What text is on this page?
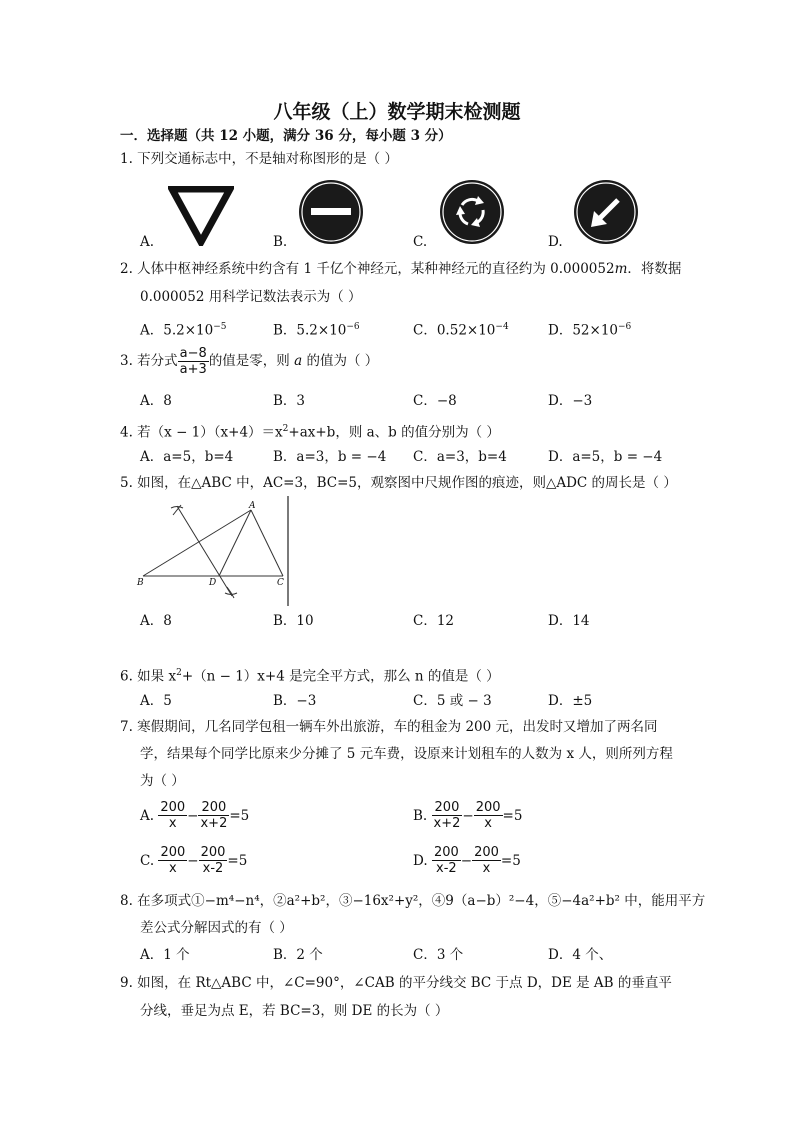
八年级（上）数学期末检测题
一．选择题（共 12 小题，满分 36 分，每小题 3 分）
1. 下列交通标志中，不是轴对称图形的是（ ）
A.	B.	C.	D.
2. 人体中枢神经系统中约含有 1 千亿个神经元，某种神经元的直径约为 0.000052m．将数据
0.000052 用科学记数法表示为（ ）
A．$5.2\times 10^{-5}$	B．$5.2\times 10^{-6}$	C．$0.52\times 10^{-4}$	D．$52\times 10^{-6}$
3. 若分式 $\frac{a-8}{a+3}$ 的值是零，则 a 的值为（ ）
A．8	B．3	C．−8	D．−3
4. 若$(x - 1)(x+4)=x^2+ax+b$，则 a、b 的值分别为（ ）
A．a=5，b=4	B．a=3，b = −4 C．a=3，b=4	D．a=5，b = −4
5. 如图，在△ABC 中，AC=3，BC=5，观察图中尺规作图的痕迹，则△ADC 的周长是（ ）
A
B	C
D
A．8	B．10	C．12	D．14
6. 如果 $x^2+(n - 1)x+4$ 是完全平方式，那么 n 的值是（ ）
A．5	B．−3	C．5 或 − 3	D．±5
7. 寒假期间，几名同学包租一辆车外出旅游，车的租金为 200 元，出发时又增加了两名同
学，结果每个同学比原来少分摊了 5 元车费，设原来计划租车的人数为 x 人，则所列方程
为（ ）
A. $\frac{200}{x} - \frac{200}{x+2} =5$	B. $\frac{200}{x+2} - \frac{200}{x} =5$
C. $\frac{200}{x} - \frac{200}{x-2} =5$	D. $\frac{200}{x-2} - \frac{200}{x} =5$
8. 在多项式①−m⁴−n⁴，②a²+b²，③−16x²+y²，④9（a−b）²−4，⑤−4a²+b² 中，能用平方
差公式分解因式的有（ ）
A．1 个	B．2 个	C．3 个	D．4 个、
9. 如图，在 Rt△ABC 中，∠C=90°，∠CAB 的平分线交 BC 于点 D，DE 是 AB 的垂直平
分线，垂足为点 E，若 BC=3，则 DE 的长为（ ）
